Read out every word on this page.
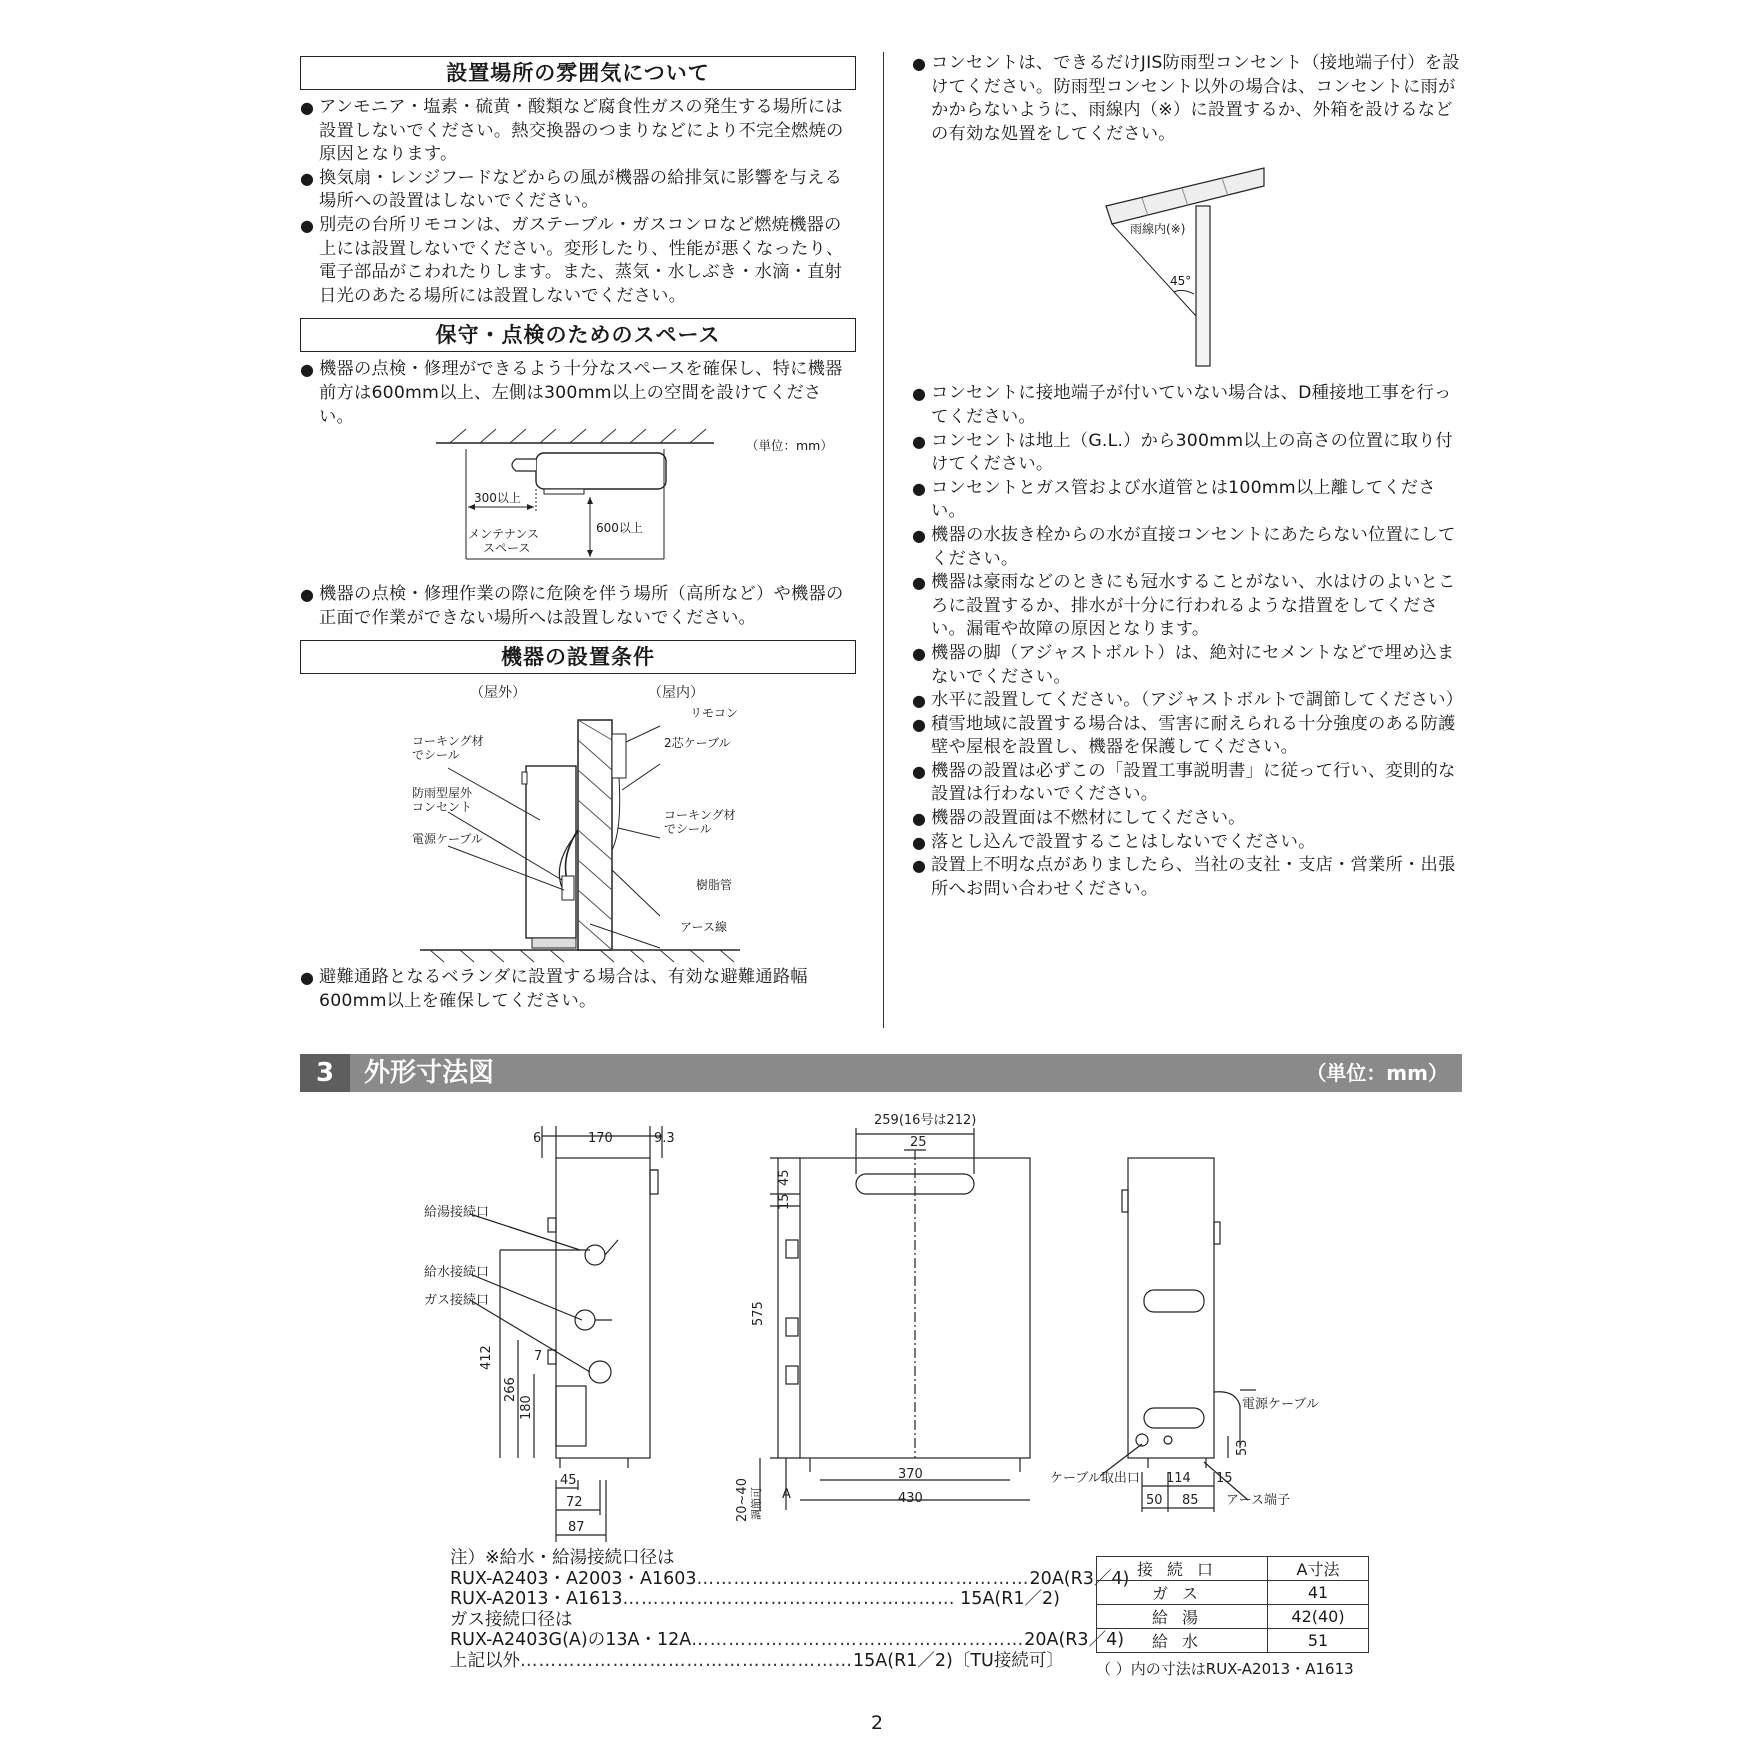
設置場所の雰囲気について
● アンモニア・塩素・硫黄・酸類など腐食性ガスの発生する場所には設置しないでください。熱交換器のつまりなどにより不完全燃焼の原因となります。
● 換気扇・レンジフードなどからの風が機器の給排気に影響を与える場所への設置はしないでください。
● 別売の台所リモコンは、ガステーブル・ガスコンロなど燃焼機器の上には設置しないでください。変形したり、性能が悪くなったり、電子部品がこわれたりします。また、蒸気・水しぶき・水滴・直射日光のあたる場所には設置しないでください。
保守・点検のためのスペース
● 機器の点検・修理ができるよう十分なスペースを確保し、特に機器前方は600mm以上、左側は300mm以上の空間を設けてください。
（単位：mm）
300以上
600以上
メンテナンス
スペース
● 機器の点検・修理作業の際に危険を伴う場所（高所など）や機器の正面で作業ができない場所へは設置しないでください。
機器の設置条件
（屋外）	（屋内）
リモコン
2芯ケーブル
コーキング材
でシール
防雨型屋外
コンセント
電源ケーブル
コーキング材
でシール
樹脂管
アース線
● 避難通路となるベランダに設置する場合は、有効な避難通路幅600mm以上を確保してください。
● コンセントは、できるだけJIS防雨型コンセント（接地端子付）を設けてください。防雨型コンセント以外の場合は、コンセントに雨がかからないように、雨線内（※）に設置するか、外箱を設けるなどの有効な処置をしてください。
雨線内(※)
45°
● コンセントに接地端子が付いていない場合は、D種接地工事を行ってください。
● コンセントは地上（G.L.）から300mm以上の高さの位置に取り付けてください。
● コンセントとガス管および水道管とは100mm以上離してください。
● 機器の水抜き栓からの水が直接コンセントにあたらない位置にしてください。
● 機器は豪雨などのときにも冠水することがない、水はけのよいところに設置するか、排水が十分に行われるような措置をしてください。漏電や故障の原因となります。
● 機器の脚（アジャストボルト）は、絶対にセメントなどで埋め込まないでください。
● 水平に設置してください。（アジャストボルトで調節してください）
● 積雪地域に設置する場合は、雪害に耐えられる十分強度のある防護壁や屋根を設置し、機器を保護してください。
● 機器の設置は必ずこの「設置工事説明書」に従って行い、変則的な設置は行わないでください。
● 機器の設置面は不燃材にしてください。
● 落とし込んで設置することはしないでください。
● 設置上不明な点がありましたら、当社の支社・支店・営業所・出張所へお問い合わせください。
3	外形寸法図	（単位：mm）
6	170	9.3
給湯接続口
給水接続口
ガス接続口
412
266
180
7
45
72
87
259(16号は212)
25
45
15
575
370
430
20~40 調節可 A
電源ケーブル
ケーブル取出口
アース端子
53
114 15
50 85
注）※給水・給湯接続口径は
RUX-A2403・A2003・A1603 ……………………………………………… 20A(R3／4)
RUX-A2013・A1613 ……………………………………………… 15A(R1／2)
ガス接続口径は
RUX-A2403G(A)の13A・12A ……………………………………………… 20A(R3／4)
上記以外 ……………………………………………… 15A(R1／2)〔TU接続可〕
接続口	A寸法
ガス	41
給湯	42(40)
給水	51
（ ）内の寸法はRUX-A2013・A1613
2
